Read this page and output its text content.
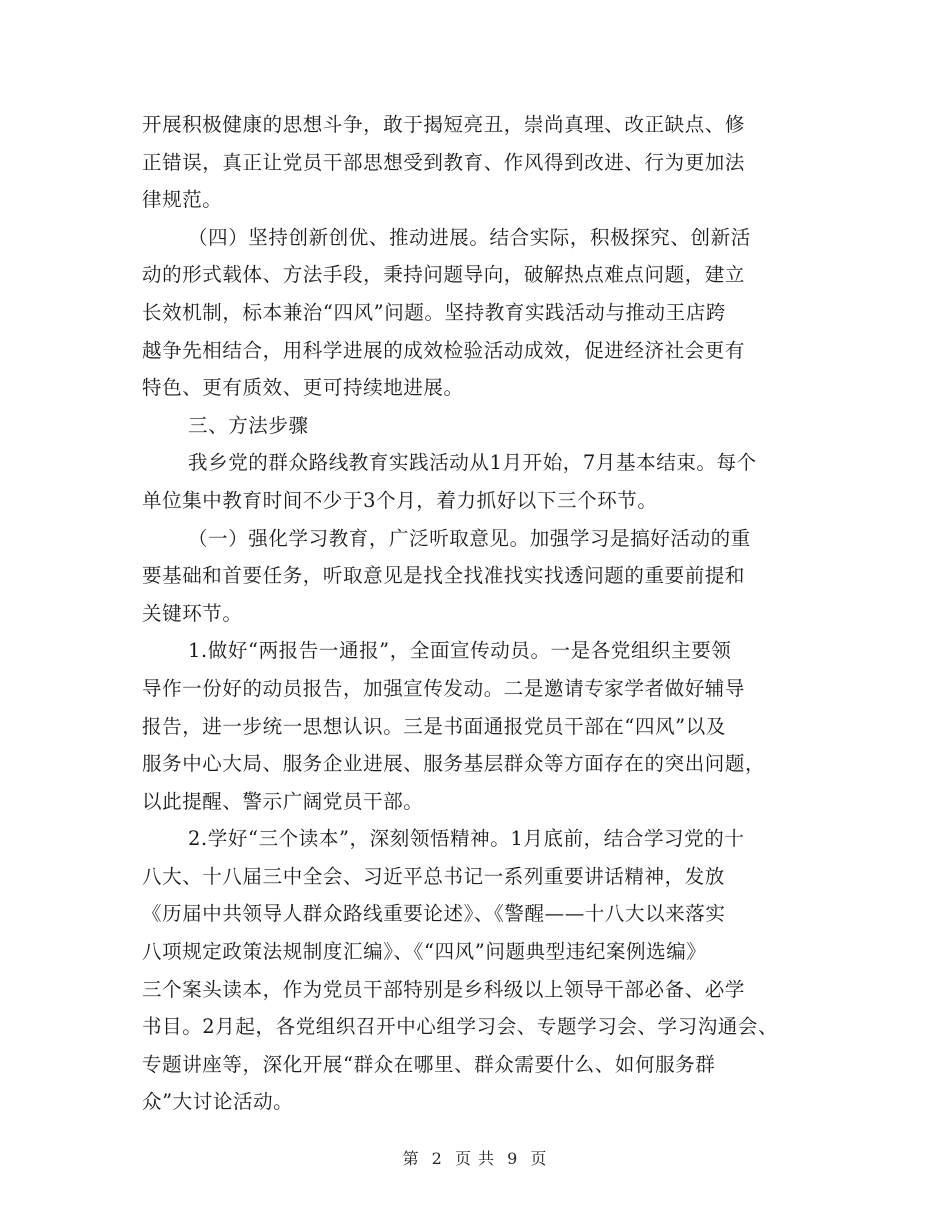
开展积极健康的思想斗争，敢于揭短亮丑，崇尚真理、改正缺点、修
正错误，真正让党员干部思想受到教育、作风得到改进、行为更加法
律规范。
（四）坚持创新创优、推动进展。结合实际，积极探究、创新活
动的形式载体、方法手段，秉持问题导向，破解热点难点问题，建立
长效机制，标本兼治“四风”问题。坚持教育实践活动与推动王店跨
越争先相结合，用科学进展的成效检验活动成效，促进经济社会更有
特色、更有质效、更可持续地进展。
三、方法步骤
我乡党的群众路线教育实践活动从1月开始，7月基本结束。每个
单位集中教育时间不少于3个月，着力抓好以下三个环节。
（一）强化学习教育，广泛听取意见。加强学习是搞好活动的重
要基础和首要任务，听取意见是找全找准找实找透问题的重要前提和
关键环节。
1.做好“两报告一通报”，全面宣传动员。一是各党组织主要领
导作一份好的动员报告，加强宣传发动。二是邀请专家学者做好辅导
报告，进一步统一思想认识。三是书面通报党员干部在“四风”以及
服务中心大局、服务企业进展、服务基层群众等方面存在的突出问题，
以此提醒、警示广阔党员干部。
2.学好“三个读本”，深刻领悟精神。1月底前，结合学习党的十
八大、十八届三中全会、习近平总书记一系列重要讲话精神，发放
《历届中共领导人群众路线重要论述》、《警醒——十八大以来落实
八项规定政策法规制度汇编》、《“四风”问题典型违纪案例选编》
三个案头读本，作为党员干部特别是乡科级以上领导干部必备、必学
书目。2月起，各党组织召开中心组学习会、专题学习会、学习沟通会、
专题讲座等，深化开展“群众在哪里、群众需要什么、如何服务群
众”大讨论活动。
第 2 页 共 9 页
